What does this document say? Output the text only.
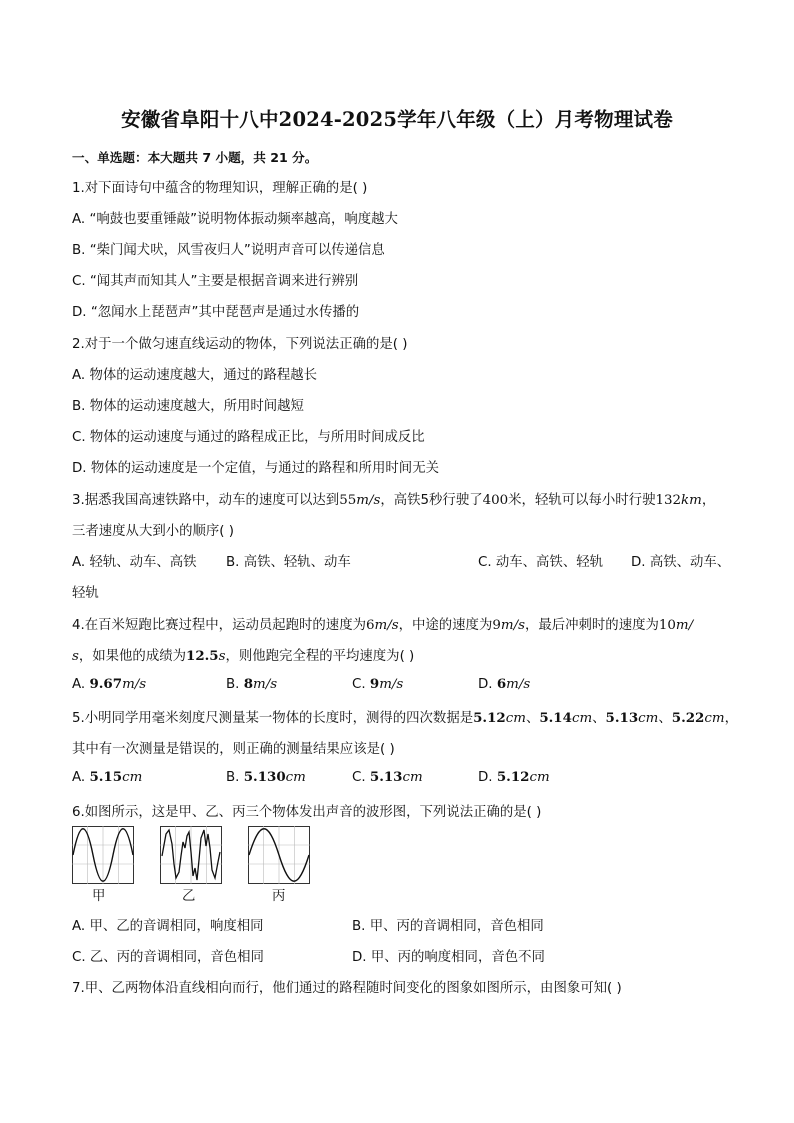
安徽省阜阳十八中2024-2025学年八年级（上）月考物理试卷
一、单选题：本大题共 7 小题，共 21 分。
1.对下面诗句中蕴含的物理知识，理解正确的是( )
A. “响鼓也要重锤敲”说明物体振动频率越高，响度越大
B. “柴门闻犬吠，风雪夜归人”说明声音可以传递信息
C. “闻其声而知其人”主要是根据音调来进行辨别
D. “忽闻水上琵琶声”其中琵琶声是通过水传播的
2.对于一个做匀速直线运动的物体，下列说法正确的是( )
A. 物体的运动速度越大，通过的路程越长
B. 物体的运动速度越大，所用时间越短
C. 物体的运动速度与通过的路程成正比，与所用时间成反比
D. 物体的运动速度是一个定值，与通过的路程和所用时间无关
3.据悉我国高速铁路中，动车的速度可以达到55m/s，高铁5秒行驶了400米，轻轨可以每小时行驶132km，
三者速度从大到小的顺序( )
A. 轻轨、动车、高铁 B. 高铁、轻轨、动车	C. 动车、高铁、轻轨 D. 高铁、动车、
轻轨
4.在百米短跑比赛过程中，运动员起跑时的速度为6m/s，中途的速度为9m/s，最后冲刺时的速度为10m/
s，如果他的成绩为12.5s，则他跑完全程的平均速度为( )
A. 9.67m/s	B. 8m/s	C. 9m/s	D. 6m/s
5.小明同学用毫米刻度尺测量某一物体的长度时，测得的四次数据是5.12cm、5.14cm、5.13cm、5.22cm，
其中有一次测量是错误的，则正确的测量结果应该是( )
A. 5.15cm	B. 5.130cm	C. 5.13cm	D. 5.12cm
6.如图所示，这是甲、乙、丙三个物体发出声音的波形图，下列说法正确的是( )
甲	乙	丙
A. 甲、乙的音调相同，响度相同	B. 甲、丙的音调相同，音色相同
C. 乙、丙的音调相同，音色相同	D. 甲、丙的响度相同，音色不同
7.甲、乙两物体沿直线相向而行，他们通过的路程随时间变化的图象如图所示，由图象可知( )
